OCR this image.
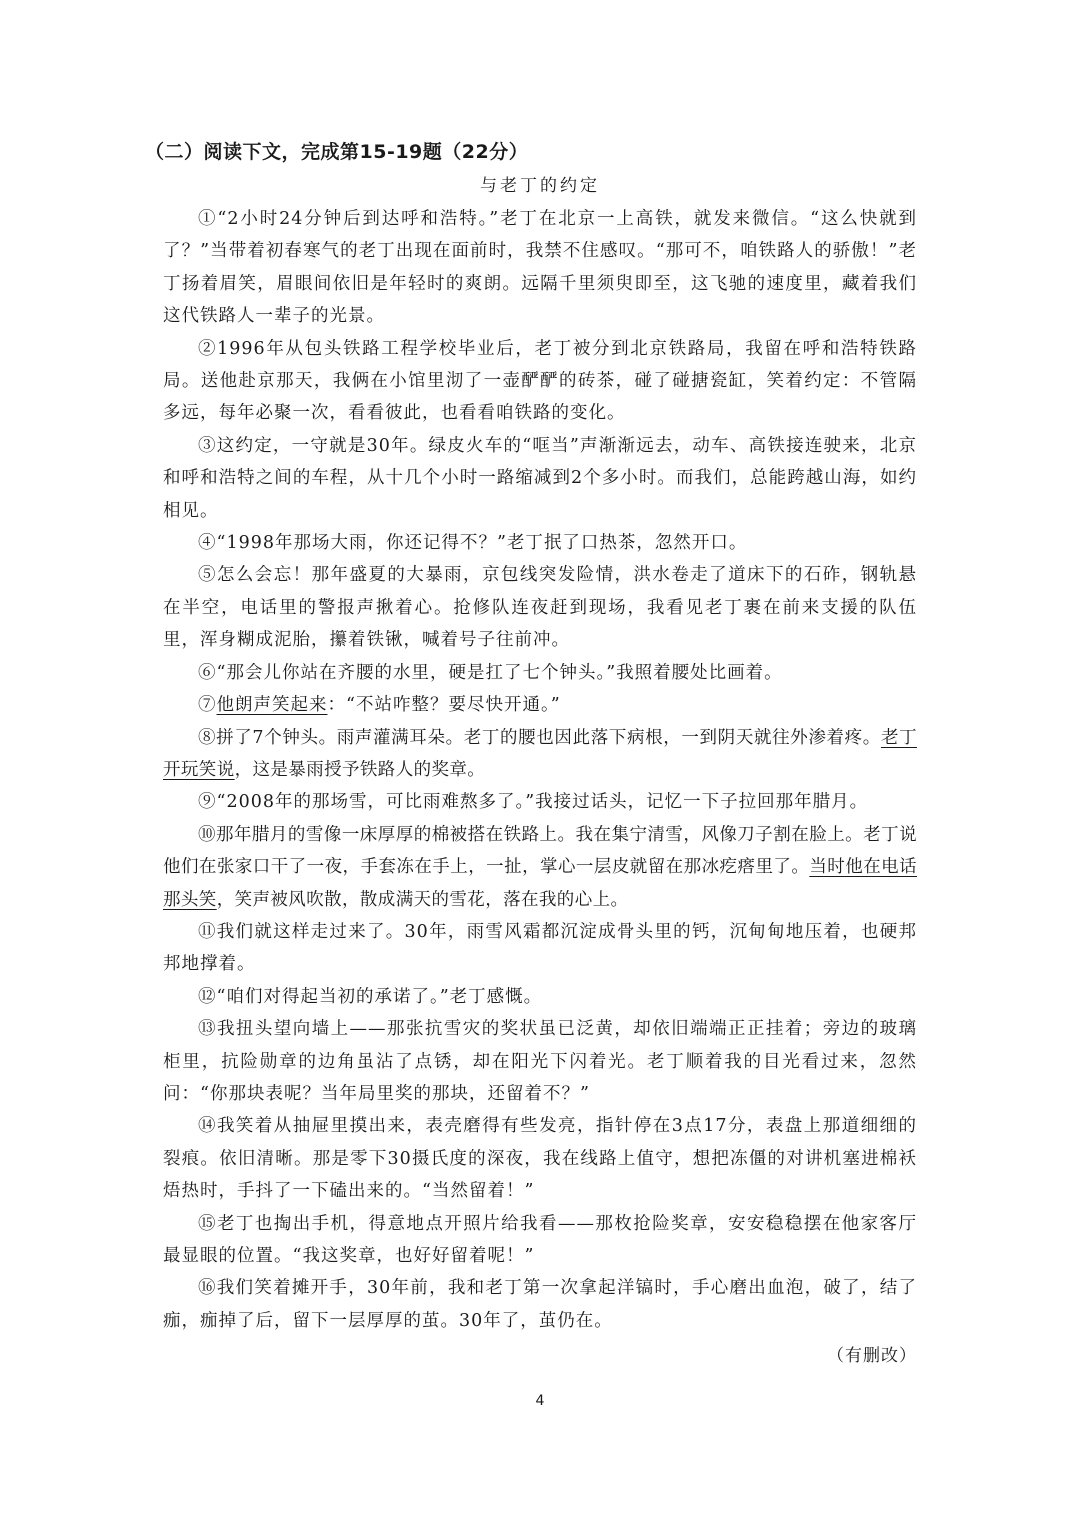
（二）阅读下文，完成第15-19题（22分）
与老丁的约定

①“2小时24分钟后到达呼和浩特。”老丁在北京一上高铁，就发来微信。“这么快就到了？”当带着初春寒气的老丁出现在面前时，我禁不住感叹。“那可不，咱铁路人的骄傲！”老丁扬着眉笑，眉眼间依旧是年轻时的爽朗。远隔千里须臾即至，这飞驰的速度里，藏着我们这代铁路人一辈子的光景。

②1996年从包头铁路工程学校毕业后，老丁被分到北京铁路局，我留在呼和浩特铁路局。送他赴京那天，我俩在小馆里沏了一壶酽酽的砖茶，碰了碰搪瓷缸，笑着约定：不管隔多远，每年必聚一次，看看彼此，也看看咱铁路的变化。

③这约定，一守就是30年。绿皮火车的“哐当”声渐渐远去，动车、高铁接连驶来，北京和呼和浩特之间的车程，从十几个小时一路缩减到2个多小时。而我们，总能跨越山海，如约相见。

④“1998年那场大雨，你还记得不？”老丁抿了口热茶，忽然开口。

⑤怎么会忘！那年盛夏的大暴雨，京包线突发险情，洪水卷走了道床下的石砟，钢轨悬在半空，电话里的警报声揪着心。抢修队连夜赶到现场，我看见老丁裹在前来支援的队伍里，浑身糊成泥胎，攥着铁锹，喊着号子往前冲。

⑥“那会儿你站在齐腰的水里，硬是扛了七个钟头。”我照着腰处比画着。

⑦他朗声笑起来：“不站咋整？要尽快开通。”

⑧拼了7个钟头。雨声灌满耳朵。老丁的腰也因此落下病根，一到阴天就往外渗着疼。老丁开玩笑说，这是暴雨授予铁路人的奖章。

⑨“2008年的那场雪，可比雨难熬多了。”我接过话头，记忆一下子拉回那年腊月。

⑩那年腊月的雪像一床厚厚的棉被搭在铁路上。我在集宁清雪，风像刀子割在脸上。老丁说他们在张家口干了一夜，手套冻在手上，一扯，掌心一层皮就留在那冰疙瘩里了。当时他在电话那头笑，笑声被风吹散，散成满天的雪花，落在我的心上。

⑪我们就这样走过来了。30年，雨雪风霜都沉淀成骨头里的钙，沉甸甸地压着，也硬邦邦地撑着。

⑫“咱们对得起当初的承诺了。”老丁感慨。

⑬我扭头望向墙上——那张抗雪灾的奖状虽已泛黄，却依旧端端正正挂着；旁边的玻璃柜里，抗险勋章的边角虽沾了点锈，却在阳光下闪着光。老丁顺着我的目光看过来，忽然问：“你那块表呢？当年局里奖的那块，还留着不？”

⑭我笑着从抽屉里摸出来，表壳磨得有些发亮，指针停在3点17分，表盘上那道细细的裂痕。依旧清晰。那是零下30摄氏度的深夜，我在线路上值守，想把冻僵的对讲机塞进棉袄焐热时，手抖了一下磕出来的。“当然留着！”

⑮老丁也掏出手机，得意地点开照片给我看——那枚抢险奖章，安安稳稳摆在他家客厅最显眼的位置。“我这奖章，也好好留着呢！”

⑯我们笑着摊开手，30年前，我和老丁第一次拿起洋镐时，手心磨出血泡，破了，结了痂，痂掉了后，留下一层厚厚的茧。30年了，茧仍在。

（有删改）
4
